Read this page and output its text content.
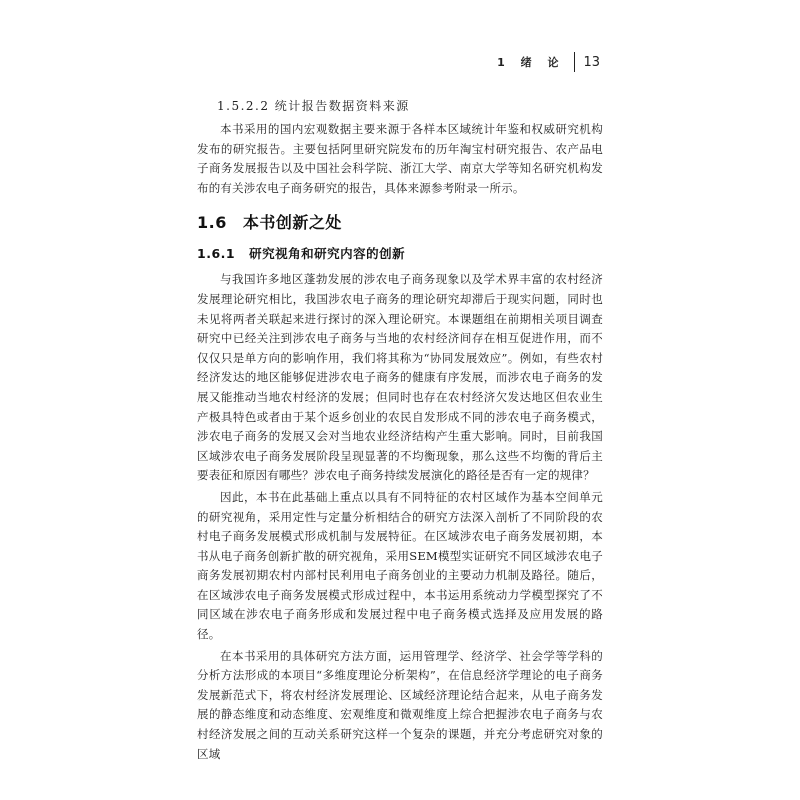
1 绪 论	13
1.5.2.2 统计报告数据资料来源

本书采用的国内宏观数据主要来源于各样本区域统计年鉴和权威研究机构发布的研究报告。主要包括阿里研究院发布的历年淘宝村研究报告、农产品电子商务发展报告以及中国社会科学院、浙江大学、南京大学等知名研究机构发布的有关涉农电子商务研究的报告，具体来源参考附录一所示。

1.6 本书创新之处
1.6.1 研究视角和研究内容的创新

与我国许多地区蓬勃发展的涉农电子商务现象以及学术界丰富的农村经济发展理论研究相比，我国涉农电子商务的理论研究却滞后于现实问题，同时也未见将两者关联起来进行探讨的深入理论研究。本课题组在前期相关项目调查研究中已经关注到涉农电子商务与当地的农村经济间存在相互促进作用，而不仅仅只是单方向的影响作用，我们将其称为“协同发展效应”。例如，有些农村经济发达的地区能够促进涉农电子商务的健康有序发展，而涉农电子商务的发展又能推动当地农村经济的发展；但同时也存在农村经济欠发达地区但农业生产极具特色或者由于某个返乡创业的农民自发形成不同的涉农电子商务模式，涉农电子商务的发展又会对当地农业经济结构产生重大影响。同时，目前我国区域涉农电子商务发展阶段呈现显著的不均衡现象，那么这些不均衡的背后主要表征和原因有哪些？涉农电子商务持续发展演化的路径是否有一定的规律？

因此，本书在此基础上重点以具有不同特征的农村区域作为基本空间单元的研究视角，采用定性与定量分析相结合的研究方法深入剖析了不同阶段的农村电子商务发展模式形成机制与发展特征。在区域涉农电子商务发展初期，本书从电子商务创新扩散的研究视角，采用SEM模型实证研究不同区域涉农电子商务发展初期农村内部村民利用电子商务创业的主要动力机制及路径。随后，在区域涉农电子商务发展模式形成过程中，本书运用系统动力学模型探究了不同区域在涉农电子商务形成和发展过程中电子商务模式选择及应用发展的路径。

在本书采用的具体研究方法方面，运用管理学、经济学、社会学等学科的分析方法形成的本项目“多维度理论分析架构”，在信息经济学理论的电子商务发展新范式下，将农村经济发展理论、区域经济理论结合起来，从电子商务发展的静态维度和动态维度、宏观维度和微观维度上综合把握涉农电子商务与农村经济发展之间的互动关系研究这样一个复杂的课题，并充分考虑研究对象的区域
